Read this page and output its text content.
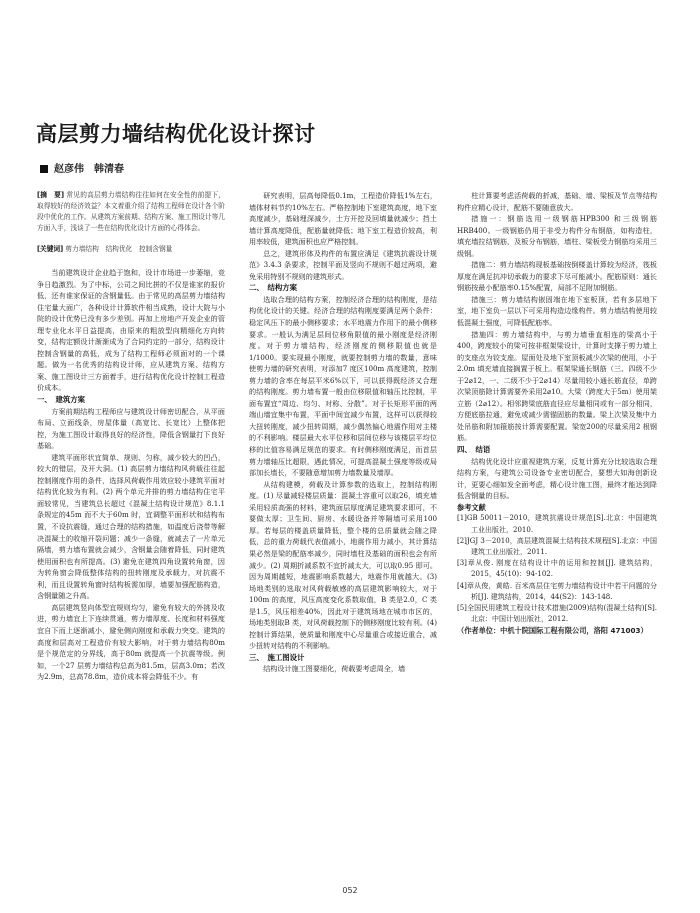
高层剪力墙结构优化设计探讨
赵彦伟　韩清春
[摘　要] 常见的高层剪力墙结构往往如何在安全性的前提下，取得较好的经济效益？本文着重介绍了结构工程师在设计各个阶段中优化的工作。从建筑方案前期、结构方案、施工图设计等几方面入手，浅谈了一些在结构优化设计方面的心得体会。
[关键词] 剪力墙结构　结构优化　控制含钢量

当前建筑设计企业趋于饱和，设计市场进一步萎缩，竞争日趋激烈。为了中标，公司之间比拼的不仅是谁家的报价低，还有谁家保证的含钢量低。由于常见的高层剪力墙结构住宅量大面广，各种设计计算软件相当成熟，设计大院与小院的设计优势已没有多少差别。再加上房地产开发企业的管理专业化水平日益提高，由原来的粗放型向精细化方向转变，结构定额设计渐渐成为了合同约定的一部分，结构设计控制含钢量的高低，成为了结构工程师必须面对的一个课题。做为一名优秀的结构设计师，应从建筑方案、结构方案、施工图设计三方面着手，进行结构优化设计控制工程造价成本。

一、　建筑方案

方案前期结构工程师应与建筑设计师密切配合，从平面布局、立面线条，房屋体量（高宽比、长宽比）上整体把控，为施工图设计取得良好的经济性，降低含钢量打下良好基础。

建筑平面形状宜简单、规则、匀称，减少较大的凹凸，较大的错层，及开大洞。(1) 高层剪力墙结构风荷载往往起控制刚度作用的条件，选择风荷载作用效应较小建筑平面对结构优化较为有利。(2) 两个单元并排的剪力墙结构住宅平面较常见，当建筑总长超过《混凝土结构设计规范》8.1.1 条规定的45m 而不大于60m 时，宜调整平面形状和结构布置，不设抗震缝，通过合理的结构措施，如温度后浇带等解决混凝土的收缩开裂问题；减少一条缝，就减去了一片单元隔墙，剪力墙布置就会减少，含钢量会随着降低，同时建筑使用面积也有所提高。(3) 避免在建筑四角设置转角窗，因为转角窗会降低整体结构的扭转刚度及承载力，对抗震不利，而且设置转角窗时结构板需加厚，墙要加强配筋构造，含钢量随之升高。

高层建筑竖向体型宜规则均匀，避免有较大的外挑及收进，剪力墙宜上下连续贯通，剪力墙厚度、长度和材料强度宜自下而上逐渐减小，避免侧向刚度和承载力突变。建筑的高度和层高对工程造价有较大影响，对于剪力墙结构80m 是个规范定的分界线，高于80m 就提高一个抗震等级。例如，一个27 层剪力墙结构总高为81.5m，层高3.0m；若改为2.9m，总高78.8m，造价成本将会降低不少。有

研究表明，层高每降低0.1m，工程造价降低1%左右，墙体材料节约10%左右。严格控制地下室建筑高度，地下室高度减少，基础埋深减少，土方开挖及回填量就减少；挡土墙计算高度降低，配筋量就降低；地下室工程造价较高，利用率较低，建筑面积也应严格控制。

总之，建筑形体及构件的布置应满足《建筑抗震设计规范》3.4.3 条要求，控制平面及竖向不规则不超过两项，避免采用特别不规则的建筑形式。

二、　结构方案

选取合理的结构方案，控制经济合理的结构刚度，是结构优化设计的关键。经济合理的结构刚度要满足两个条件：稳定风压下的最小侧移要求；水平地震力作用下的最小侧移要求。一般认为满足层间位移角限值的最小刚度是经济刚度。对于剪力墙结构，经济刚度的侧移限值也就是1/1000。要实现最小刚度，就要控制剪力墙的数量，意味使剪力墙的研究表明，对添加7 度区100m 高度建筑，控制剪力墙的含率在每层平米6%以下，可以获得既经济又合理的结构刚度。剪力墙布置一般由位移限值和轴压比控制，平面布置宜“周边、均匀、对称、分散”。对于长矩形平面的两端山墙宜集中布置，平面中间宜减少布置，这样可以获得较大扭转刚度，减少扭转周期，减少偶然偏心地震作用对主楼的不利影响。楼层最大水平位移和层间位移与该楼层平均位移的比值容易满足规范的要求。有时侧移刚度满足，而首层剪力墙轴压比超限，遇此情况，可提高混凝土强度等级或局部加长墙长，不要随意增加剪力墙数量及墙厚。

从结构建模，荷载及计算参数的选取上，控制结构刚度。(1) 尽量减轻楼层质量：混凝土容重可以取26，填充墙采用轻质高强的材料，建筑面层厚度满足建筑要求即可，不要做太厚；卫生间、厨房、水暖设备并等隔墙可采用100 厚。若每层的楼盖质量降低，整个楼的总质量就会随之降低，总的重力荷载代表值减小，地震作用力减小，其计算结果必然是梁的配筋率减少，同时墙柱及基础的面积也会有所减少。(2) 周期折减系数不宜折减太大，可以取0.95 即可。因为周期越短，地震影响系数越大，地震作用就越大。(3) 场地类别的选取对风荷载敏感的高层建筑影响较大，对于100m 的高度，风压高度变化系数取值，B 类是2.0，C 类是1.5，风压相差40%，因此对于建筑场地在城市市区的，场地类别取B 类，对风荷载控制下的侧移刚度比较有利。(4) 控制计算结果，使质量和刚度中心尽量重合或接近重合，减少扭转对结构的不利影响。

三、　施工图设计

结构设计施工图要细化，荷载要考虑周全，墙

柱计算要考虑活荷载的折减，基础、墙、梁板及节点等结构构件应精心设计，配筋不要随意放大。

措施一：钢筋选用一级钢筋HPB300 和三级钢筋HRB400。一级钢筋仍用于非受力构件分布钢筋，如构造柱，填充墙拉结钢筋，及板分布钢筋，墙柱、梁板受力钢筋均采用三级钢。

措施二：剪力墙结构现板基础按倒楼盖计算较为经济，筏板厚度在满足抗冲切承载力的要求下尽可能减小。配筋原则：通长钢筋按最小配筋率0.15%配置，局部不足附加钢筋。

措施三：剪力墙结构嵌固端在地下室板顶，若有多层地下室，地下室负一层以下可采用构造边缘构件。剪力墙结构使用较低混凝土强度，可降低配筋率。

措施四：剪力墙结构中，与剪力墙垂直相连的梁高小于400，跨度较小的梁可按非框架梁设计，计算时支撑于剪力墙上的支座点为铰支座。屋面处及地下室顶板减少次梁的使用，小于2.0m 填充墙直接搁置于板上。框架梁通长钢筋（三、四级不少于2⌀12，一、二级不少于2⌀14）尽量用较小通长筋直径，单跨次梁顶筋除计算需要外采用2⌀10。大梁（跨度大于5m）使用架立筋（2⌀12）。相邻跨梁底筋直径应尽量相同或有一部分相同，方便底筋拉通，避免或减少需锚固筋的数量。梁上次梁及集中力处吊筋和附加箍筋按计算需要配置。梁宽200的尽量采用2 根钢筋。

四、　结语

结构优化设计应重视建筑方案，反复计算充分比较选取合理结构方案，与建筑公司设备专业密切配合，要想大如海创新设计，更要心细如发全面考虑，精心设计施工图，最终才能达到降低含钢量的目标。

参考文献
[1]GB 50011－2010，建筑抗震设计规范[S].北京：中国建筑工业出版社，2010.
[2]JGJ 3－2010，高层建筑混凝土结构技术规程[S].北京：中国建筑工业出版社，2011.
[3]章从俊. 刚度在结构设计中的运用和控制[J]. 建筑结构，2015，45(10)：94-102.
[4]章从俊，黄皓. 百米高层住宅剪力墙结构设计中若干问题的分析[J]. 建筑结构，2014，44(S2)：143-148.
[5]全国民用建筑工程设计技术措施(2009)结构(混凝土结构)[S].北京：中国计划出版社，2012.
（作者单位：中机十院国际工程有限公司，洛阳 471003）
052
